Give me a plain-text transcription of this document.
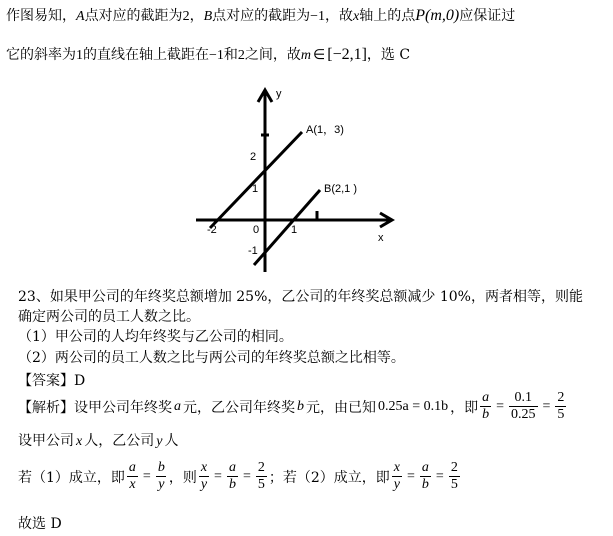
作图易知，A点对应的截距为2，B点对应的截距为−1，故x轴上的点P(m,0)应保证过
它的斜率为1的直线在轴上截距在−1和2之间，故m ∈ [−2,1]，选 C
y
x
A(1，3)
B(2,1 )
2
1
0
-2	1
-1
23、如果甲公司的年终奖总额增加 25%，乙公司的年终奖总额减少 10%，两者相等，则能
确定两公司的员工人数之比。
（1）甲公司的人均年终奖与乙公司的相同。
（2）两公司的员工人数之比与两公司的年终奖总额之比相等。
【答案】D
【解析】 设甲公司年终奖 a 元，乙公司年终奖 b 元，由已知 0.25a = 0.1b ，即 $\frac{a}{b} = \frac{0.1}{0.25} = \frac{2}{5}$
设甲公司 x 人，乙公司 y 人
若（1）成立，即 $\frac{a}{x} = \frac{b}{y}$ ，则 $\frac{x}{y} = \frac{a}{b} = \frac{2}{5}$ ；若（2）成立，即 $\frac{x}{y} = \frac{a}{b} = \frac{2}{5}$
故选 D
